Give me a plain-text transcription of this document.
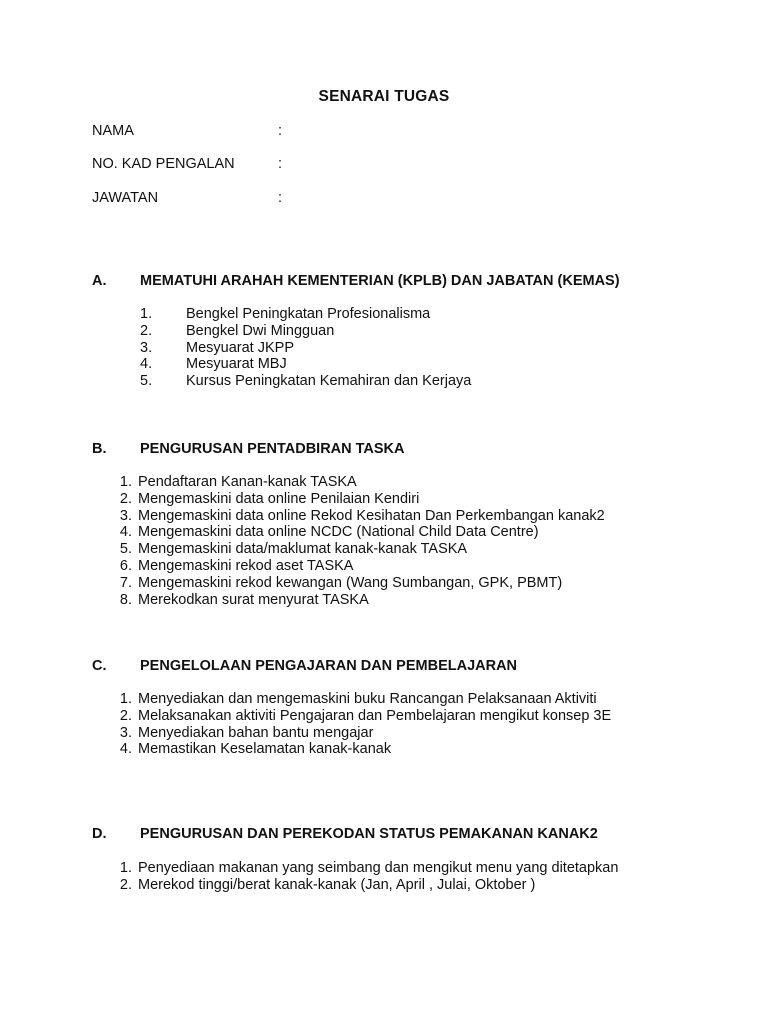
SENARAI TUGAS
NAMA	:
NO. KAD PENGALAN	:
JAWATAN	:
A. MEMATUHI ARAHAH KEMENTERIAN (KPLB) DAN JABATAN (KEMAS)
1. Bengkel Peningkatan Profesionalisma
2. Bengkel Dwi Mingguan
3. Mesyuarat JKPP
4. Mesyuarat MBJ
5. Kursus Peningkatan Kemahiran dan Kerjaya
B. PENGURUSAN PENTADBIRAN TASKA
1. Pendaftaran Kanan-kanak TASKA
2. Mengemaskini data online Penilaian Kendiri
3. Mengemaskini data online Rekod Kesihatan Dan Perkembangan kanak2
4. Mengemaskini data online NCDC (National Child Data Centre)
5. Mengemaskini data/maklumat kanak-kanak TASKA
6. Mengemaskini rekod aset TASKA
7. Mengemaskini rekod kewangan (Wang Sumbangan, GPK, PBMT)
8. Merekodkan surat menyurat TASKA
C. PENGELOLAAN PENGAJARAN DAN PEMBELAJARAN
1. Menyediakan dan mengemaskini buku Rancangan Pelaksanaan Aktiviti
2. Melaksanakan aktiviti Pengajaran dan Pembelajaran mengikut konsep 3E
3. Menyediakan bahan bantu mengajar
4. Memastikan Keselamatan kanak-kanak
D. PENGURUSAN DAN PEREKODAN STATUS PEMAKANAN KANAK2
1. Penyediaan makanan yang seimbang dan mengikut menu yang ditetapkan
2. Merekod tinggi/berat kanak-kanak (Jan, April , Julai, Oktober )
